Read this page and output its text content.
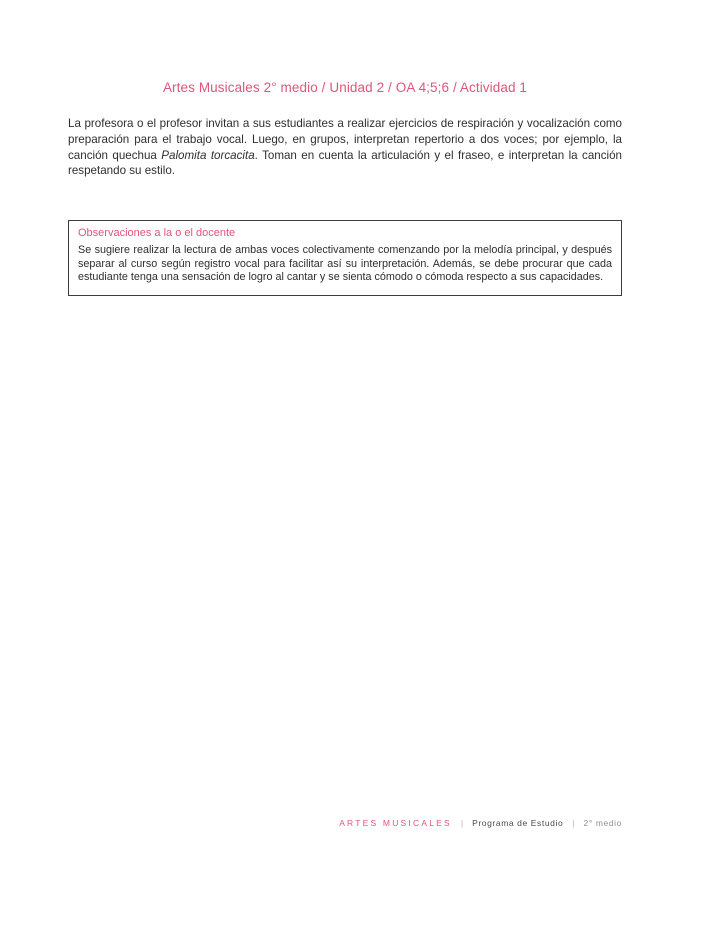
Artes Musicales 2° medio / Unidad 2 / OA 4;5;6 / Actividad 1

La profesora o el profesor invitan a sus estudiantes a realizar ejercicios de respiración y vocalización como preparación para el trabajo vocal. Luego, en grupos, interpretan repertorio a dos voces; por ejemplo, la canción quechua Palomita torcacita. Toman en cuenta la articulación y el fraseo, e interpretan la canción respetando su estilo.

Observaciones a la o el docente

Se sugiere realizar la lectura de ambas voces colectivamente comenzando por la melodía principal, y después separar al curso según registro vocal para facilitar así su interpretación. Además, se debe procurar que cada estudiante tenga una sensación de logro al cantar y se sienta cómodo o cómoda respecto a sus capacidades.

ARTES MUSICALES | Programa de Estudio | 2° medio
